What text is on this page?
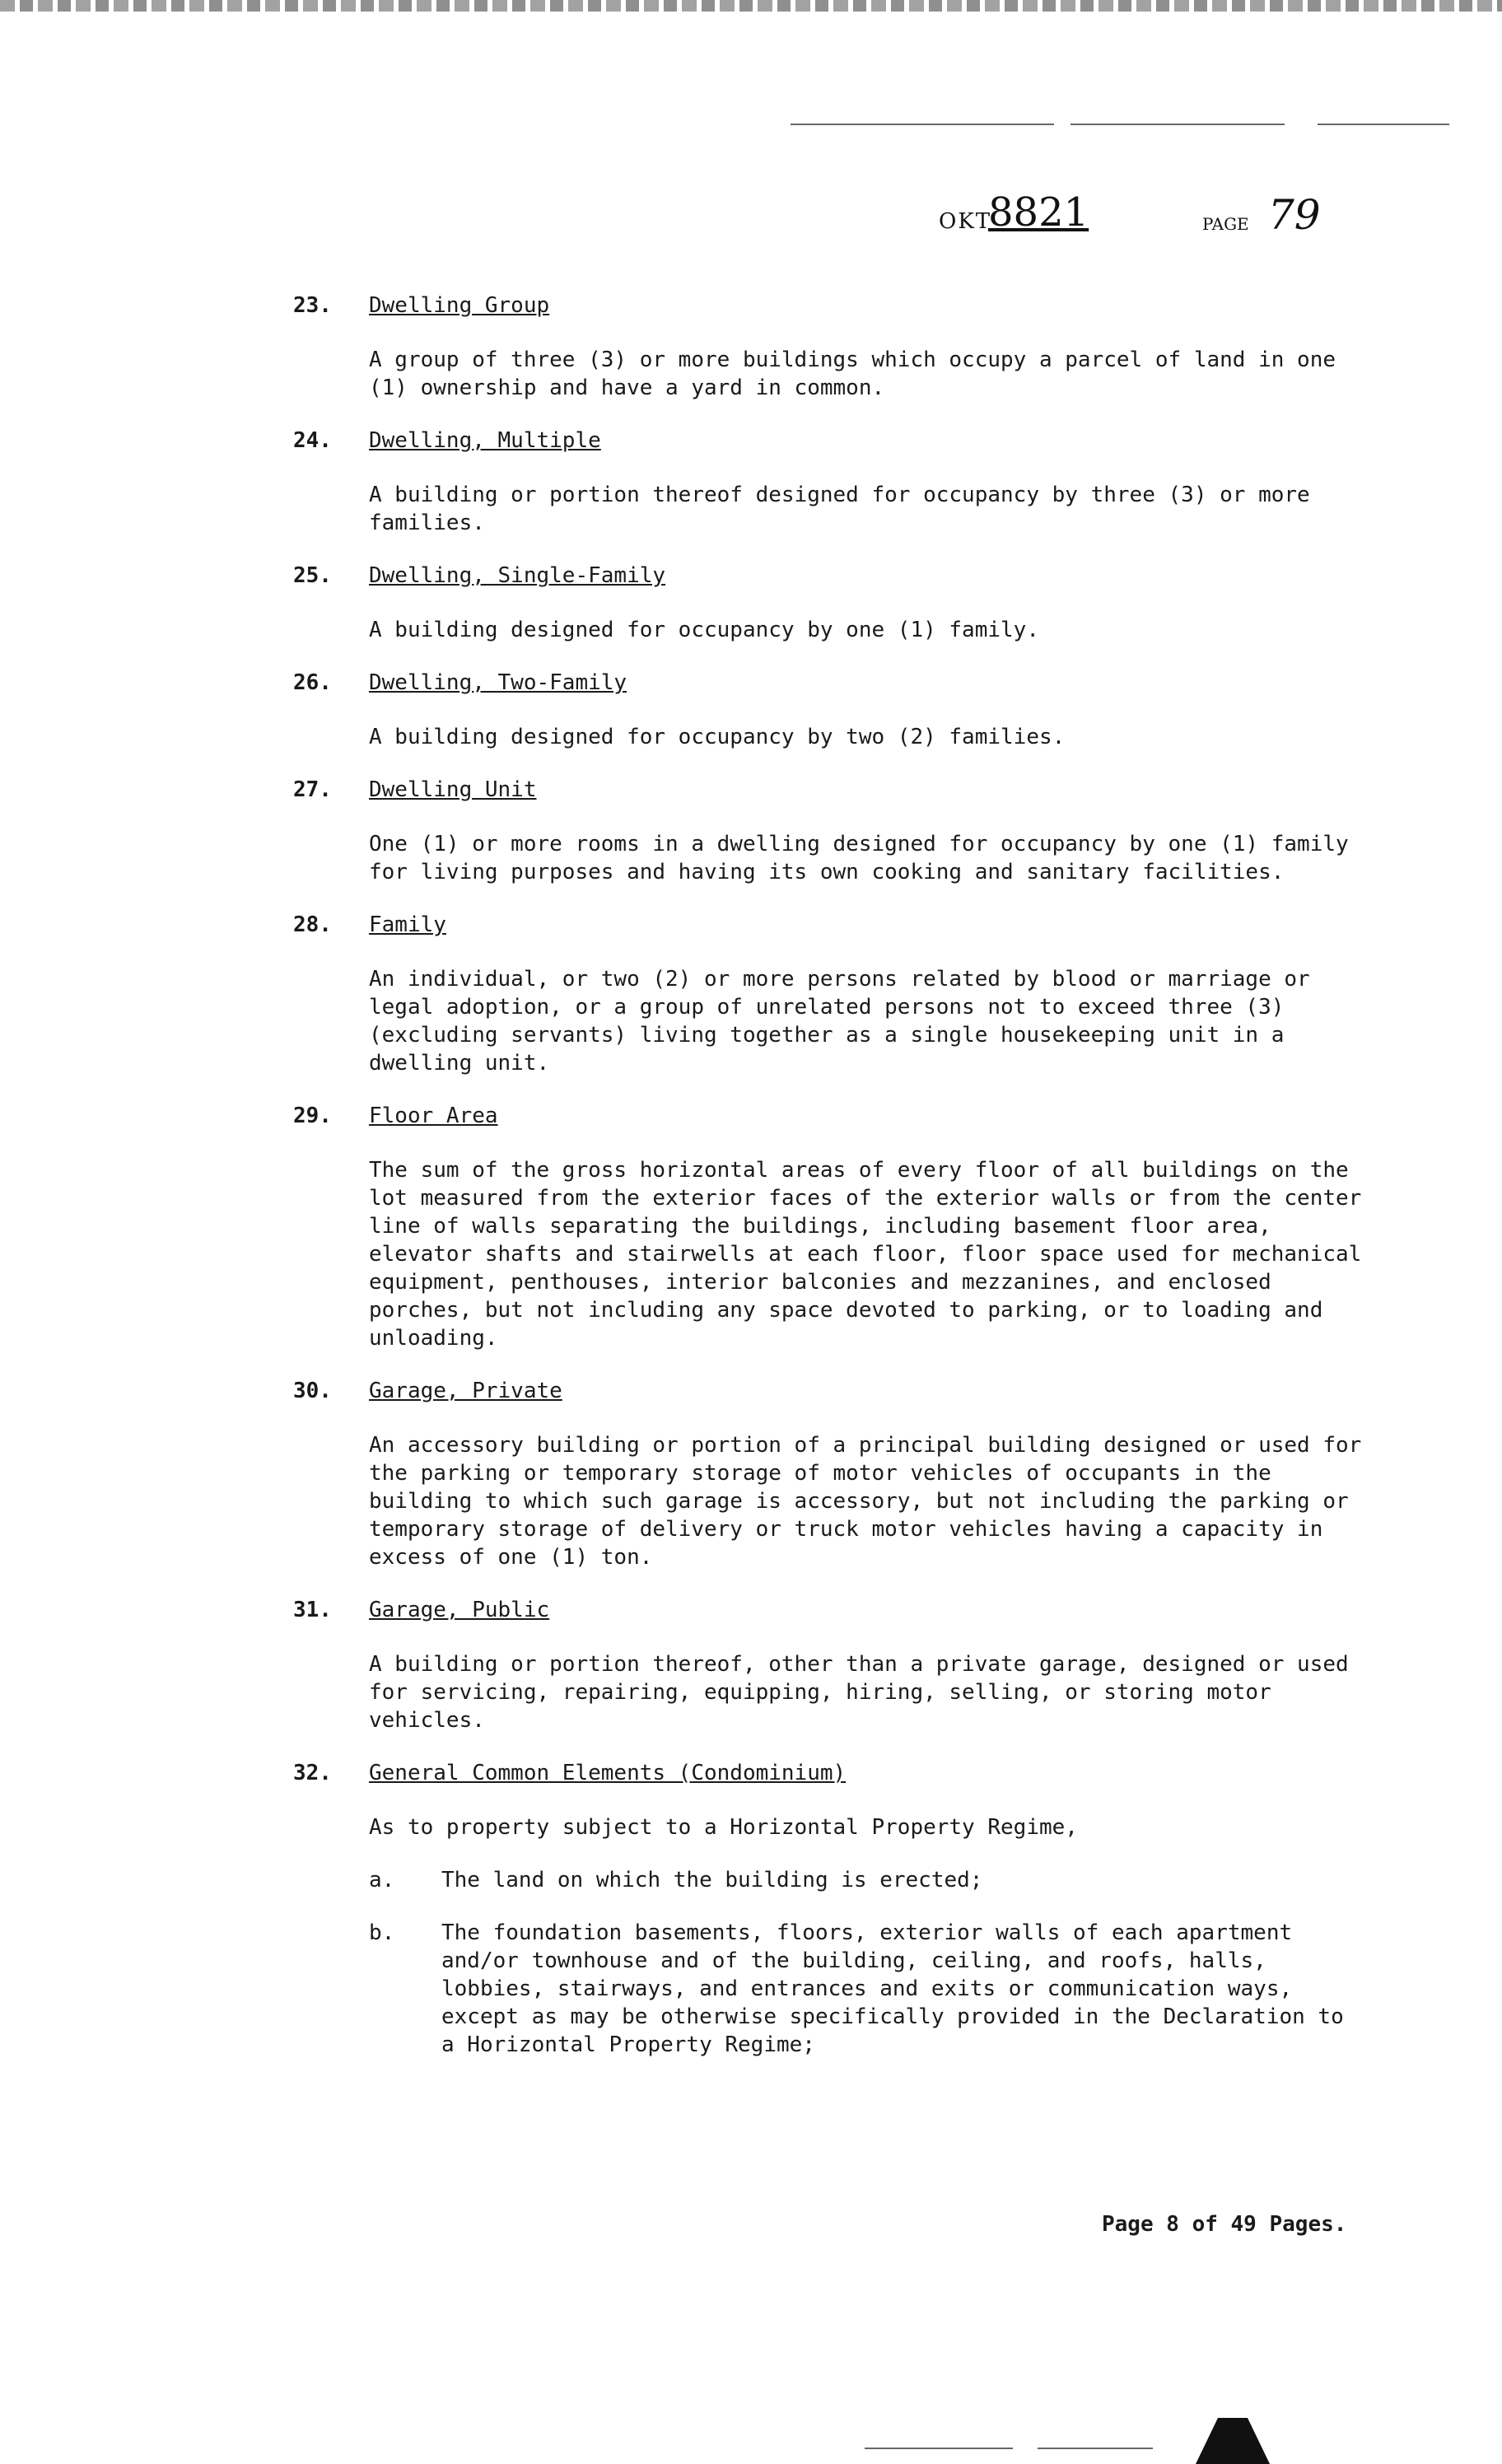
OKT
8821	PAGE 79
23. Dwelling Group

A group of three (3) or more buildings which occupy a parcel of land in one (1) ownership and have a yard in common.

24. Dwelling, Multiple

A building or portion thereof designed for occupancy by three (3) or more families.

25. Dwelling, Single-Family

A building designed for occupancy by one (1) family.

26. Dwelling, Two-Family

A building designed for occupancy by two (2) families.

27. Dwelling Unit

One (1) or more rooms in a dwelling designed for occupancy by one (1) family for living purposes and having its own cooking and sanitary facilities.

28. Family

An individual, or two (2) or more persons related by blood or marriage or legal adoption, or a group of unrelated persons not to exceed three (3) (excluding servants) living together as a single housekeeping unit in a dwelling unit.

29. Floor Area

The sum of the gross horizontal areas of every floor of all buildings on the lot measured from the exterior faces of the exterior walls or from the center line of walls separating the buildings, including basement floor area, elevator shafts and stairwells at each floor, floor space used for mechanical equipment, penthouses, interior balconies and mezzanines, and enclosed porches, but not including any space devoted to parking, or to loading and unloading.

30. Garage, Private

An accessory building or portion of a principal building designed or used for the parking or temporary storage of motor vehicles of occupants in the building to which such garage is accessory, but not including the parking or temporary storage of delivery or truck motor vehicles having a capacity in excess of one (1) ton.

31. Garage, Public

A building or portion thereof, other than a private garage, designed or used for servicing, repairing, equipping, hiring, selling, or storing motor vehicles.

32. General Common Elements (Condominium)

As to property subject to a Horizontal Property Regime,

a. The land on which the building is erected;
b. The foundation basements, floors, exterior walls of each apartment and/or townhouse and of the building, ceiling, and roofs, halls, lobbies, stairways, and entrances and exits or communication ways, except as may be otherwise specifically provided in the Declaration to a Horizontal Property Regime;
Page 8 of 49 Pages.
